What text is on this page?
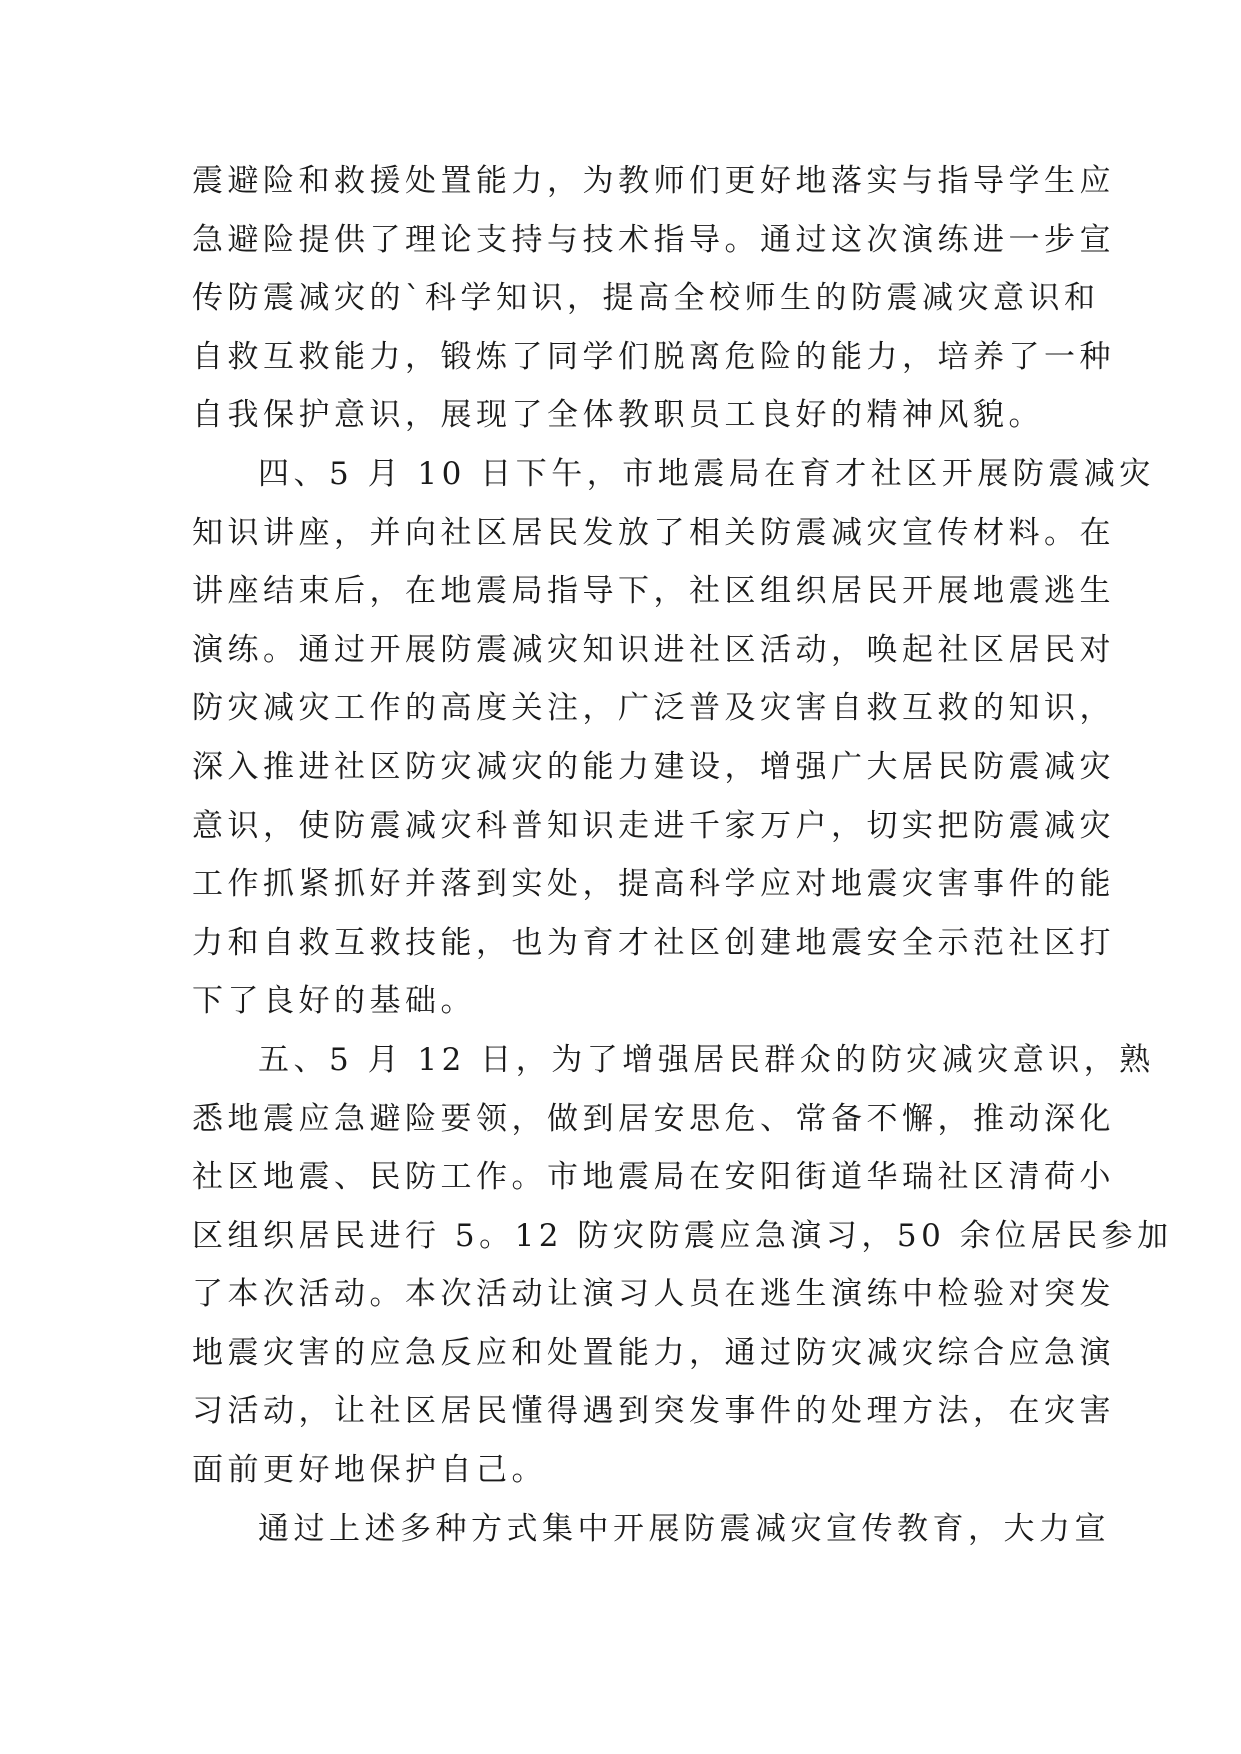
震避险和救援处置能力，为教师们更好地落实与指导学生应
急避险提供了理论支持与技术指导。通过这次演练进一步宣
传防震减灾的`科学知识，提高全校师生的防震减灾意识和
自救互救能力，锻炼了同学们脱离危险的能力，培养了一种
自我保护意识，展现了全体教职员工良好的精神风貌。
四、5 月 10 日下午，市地震局在育才社区开展防震减灾
知识讲座，并向社区居民发放了相关防震减灾宣传材料。在
讲座结束后，在地震局指导下，社区组织居民开展地震逃生
演练。通过开展防震减灾知识进社区活动，唤起社区居民对
防灾减灾工作的高度关注，广泛普及灾害自救互救的知识，
深入推进社区防灾减灾的能力建设，增强广大居民防震减灾
意识，使防震减灾科普知识走进千家万户，切实把防震减灾
工作抓紧抓好并落到实处，提高科学应对地震灾害事件的能
力和自救互救技能，也为育才社区创建地震安全示范社区打
下了良好的基础。
五、5 月 12 日，为了增强居民群众的防灾减灾意识，熟
悉地震应急避险要领，做到居安思危、常备不懈，推动深化
社区地震、民防工作。市地震局在安阳街道华瑞社区清荷小
区组织居民进行 5。12 防灾防震应急演习，50 余位居民参加
了本次活动。本次活动让演习人员在逃生演练中检验对突发
地震灾害的应急反应和处置能力，通过防灾减灾综合应急演
习活动，让社区居民懂得遇到突发事件的处理方法，在灾害
面前更好地保护自己。
通过上述多种方式集中开展防震减灾宣传教育，大力宣
